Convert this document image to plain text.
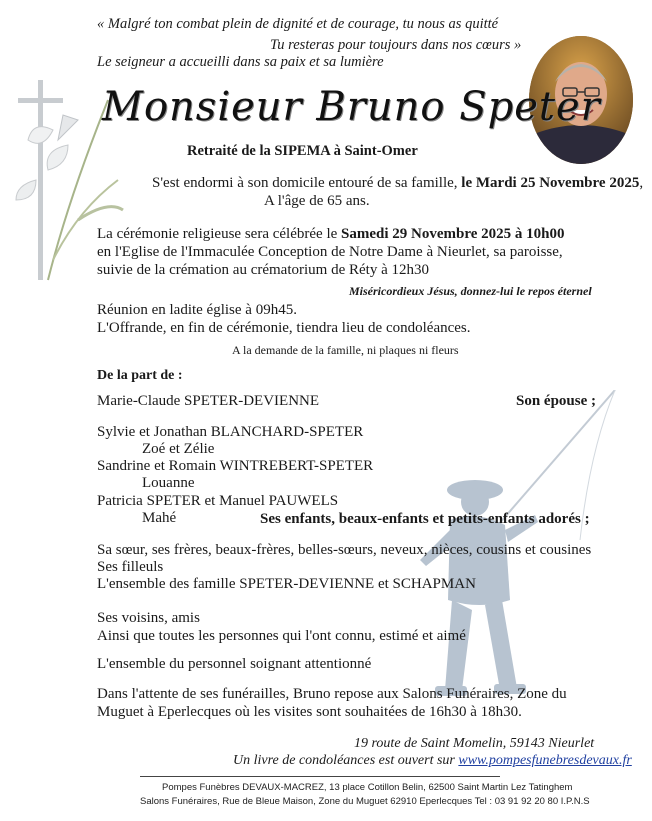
« Malgré ton combat plein de dignité et de courage, tu nous as quitté
Tu resteras pour toujours dans nos cœurs »
Le seigneur a accueilli dans sa paix et sa lumière
Monsieur Bruno Speter
Retraité de la SIPEMA à Saint-Omer
S'est endormi à son domicile entouré de sa famille, le Mardi 25 Novembre 2025,
A l'âge de 65 ans.
La cérémonie religieuse sera célébrée le Samedi 29 Novembre 2025 à 10h00
en l'Eglise de l'Immaculée Conception de Notre Dame à Nieurlet, sa paroisse,
suivie de la crémation au crématorium de Réty à 12h30
Miséricordieux Jésus, donnez-lui le repos éternel
Réunion en ladite église à 09h45.
L'Offrande, en fin de cérémonie, tiendra lieu de condoléances.
A la demande de la famille, ni plaques ni fleurs
De la part de :
Marie-Claude SPETER-DEVIENNE	Son épouse ;
Sylvie et Jonathan BLANCHARD-SPETER
Zoé et Zélie
Sandrine et Romain WINTREBERT-SPETER
Louanne
Patricia SPETER et Manuel PAUWELS
Mahé	Ses enfants, beaux-enfants et petits-enfants adorés ;
Sa sœur, ses frères, beaux-frères, belles-sœurs, neveux, nièces, cousins et cousines
Ses filleuls
L'ensemble des famille SPETER-DEVIENNE et SCHAPMAN
Ses voisins, amis
Ainsi que toutes les personnes qui l'ont connu, estimé et aimé
L'ensemble du personnel soignant attentionné
Dans l'attente de ses funérailles, Bruno repose aux Salons Funéraires, Zone du
Muguet à Eperlecques où les visites sont souhaitées de 16h30 à 18h30.
19 route de Saint Momelin, 59143 Nieurlet
Un livre de condoléances est ouvert sur www.pompesfunebresdevaux.fr
Pompes Funèbres DEVAUX-MACREZ, 13 place Cotillon Belin, 62500 Saint Martin Lez Tatinghem
Salons Funéraires, Rue de Bleue Maison, Zone du Muguet 62910 Eperlecques Tel : 03 91 92 20 80 I.P.N.S
